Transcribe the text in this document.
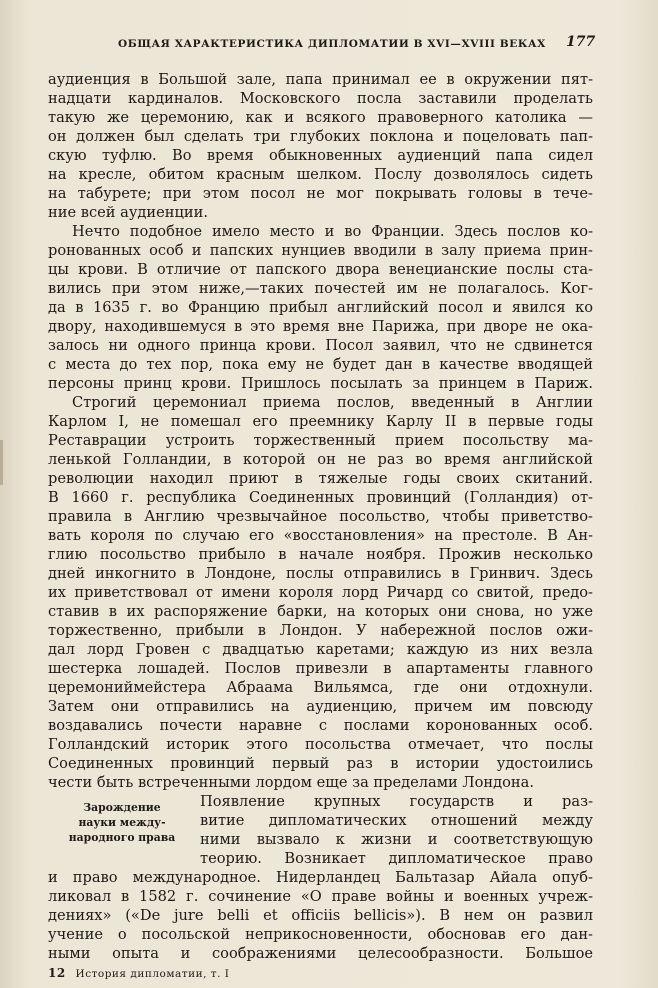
ОБЩАЯ ХАРАКТЕРИСТИКА ДИПЛОМАТИИ В XVI—XVIII ВЕКАХ 177
аудиенция в Большой зале, папа принимал ее в окружении пят-
надцати кардиналов. Московского посла заставили проделать
такую же церемонию, как и всякого правоверного католика —
он должен был сделать три глубоких поклона и поцеловать пап-
скую туфлю. Во время обыкновенных аудиенций папа сидел
на кресле, обитом красным шелком. Послу дозволялось сидеть
на табурете; при этом посол не мог покрывать головы в тече-
ние всей аудиенции.
Нечто подобное имело место и во Франции. Здесь послов ко-
ронованных особ и папских нунциев вводили в залу приема прин-
цы крови. В отличие от папского двора венецианские послы ста-
вились при этом ниже,—таких почестей им не полагалось. Ког-
да в 1635 г. во Францию прибыл английский посол и явился ко
двору, находившемуся в это время вне Парижа, при дворе не ока-
залось ни одного принца крови. Посол заявил, что не сдвинется
с места до тех пор, пока ему не будет дан в качестве вводящей
персоны принц крови. Пришлось посылать за принцем в Париж.
Строгий церемониал приема послов, введенный в Англии
Карлом I, не помешал его преемнику Карлу II в первые годы
Реставрации устроить торжественный прием посольству ма-
ленькой Голландии, в которой он не раз во время английской
революции находил приют в тяжелые годы своих скитаний.
В 1660 г. республика Соединенных провинций (Голландия) от-
правила в Англию чрезвычайное посольство, чтобы приветство-
вать короля по случаю его «восстановления» на престоле. В Ан-
глию посольство прибыло в начале ноября. Прожив несколько
дней инкогнито в Лондоне, послы отправились в Гринвич. Здесь
их приветствовал от имени короля лорд Ричард со свитой, предо-
ставив в их распоряжение барки, на которых они снова, но уже
торжественно, прибыли в Лондон. У набережной послов ожи-
дал лорд Гровен с двадцатью каретами; каждую из них везла
шестерка лошадей. Послов привезли в апартаменты главного
церемониймейстера Абраама Вильямса, где они отдохнули.
Затем они отправились на аудиенцию, причем им повсюду
воздавались почести наравне с послами коронованных особ.
Голландский историк этого посольства отмечает, что послы
Соединенных провинций первый раз в истории удостоились
чести быть встреченными лордом еще за пределами Лондона.
Зарождение
науки между-
народного права
Появление крупных государств и раз-
витие дипломатических отношений между
ними вызвало к жизни и соответствующую
теорию. Возникает дипломатическое право
и право международное. Нидерландец Бальтазар Айала опуб-
ликовал в 1582 г. сочинение «О праве войны и военных учреж-
дениях» («De jure belli et officiis bellicis»). В нем он развил
учение о посольской неприкосновенности, обосновав его дан-
ными опыта и соображениями целесообразности. Большое
12 История дипломатии, т. I
